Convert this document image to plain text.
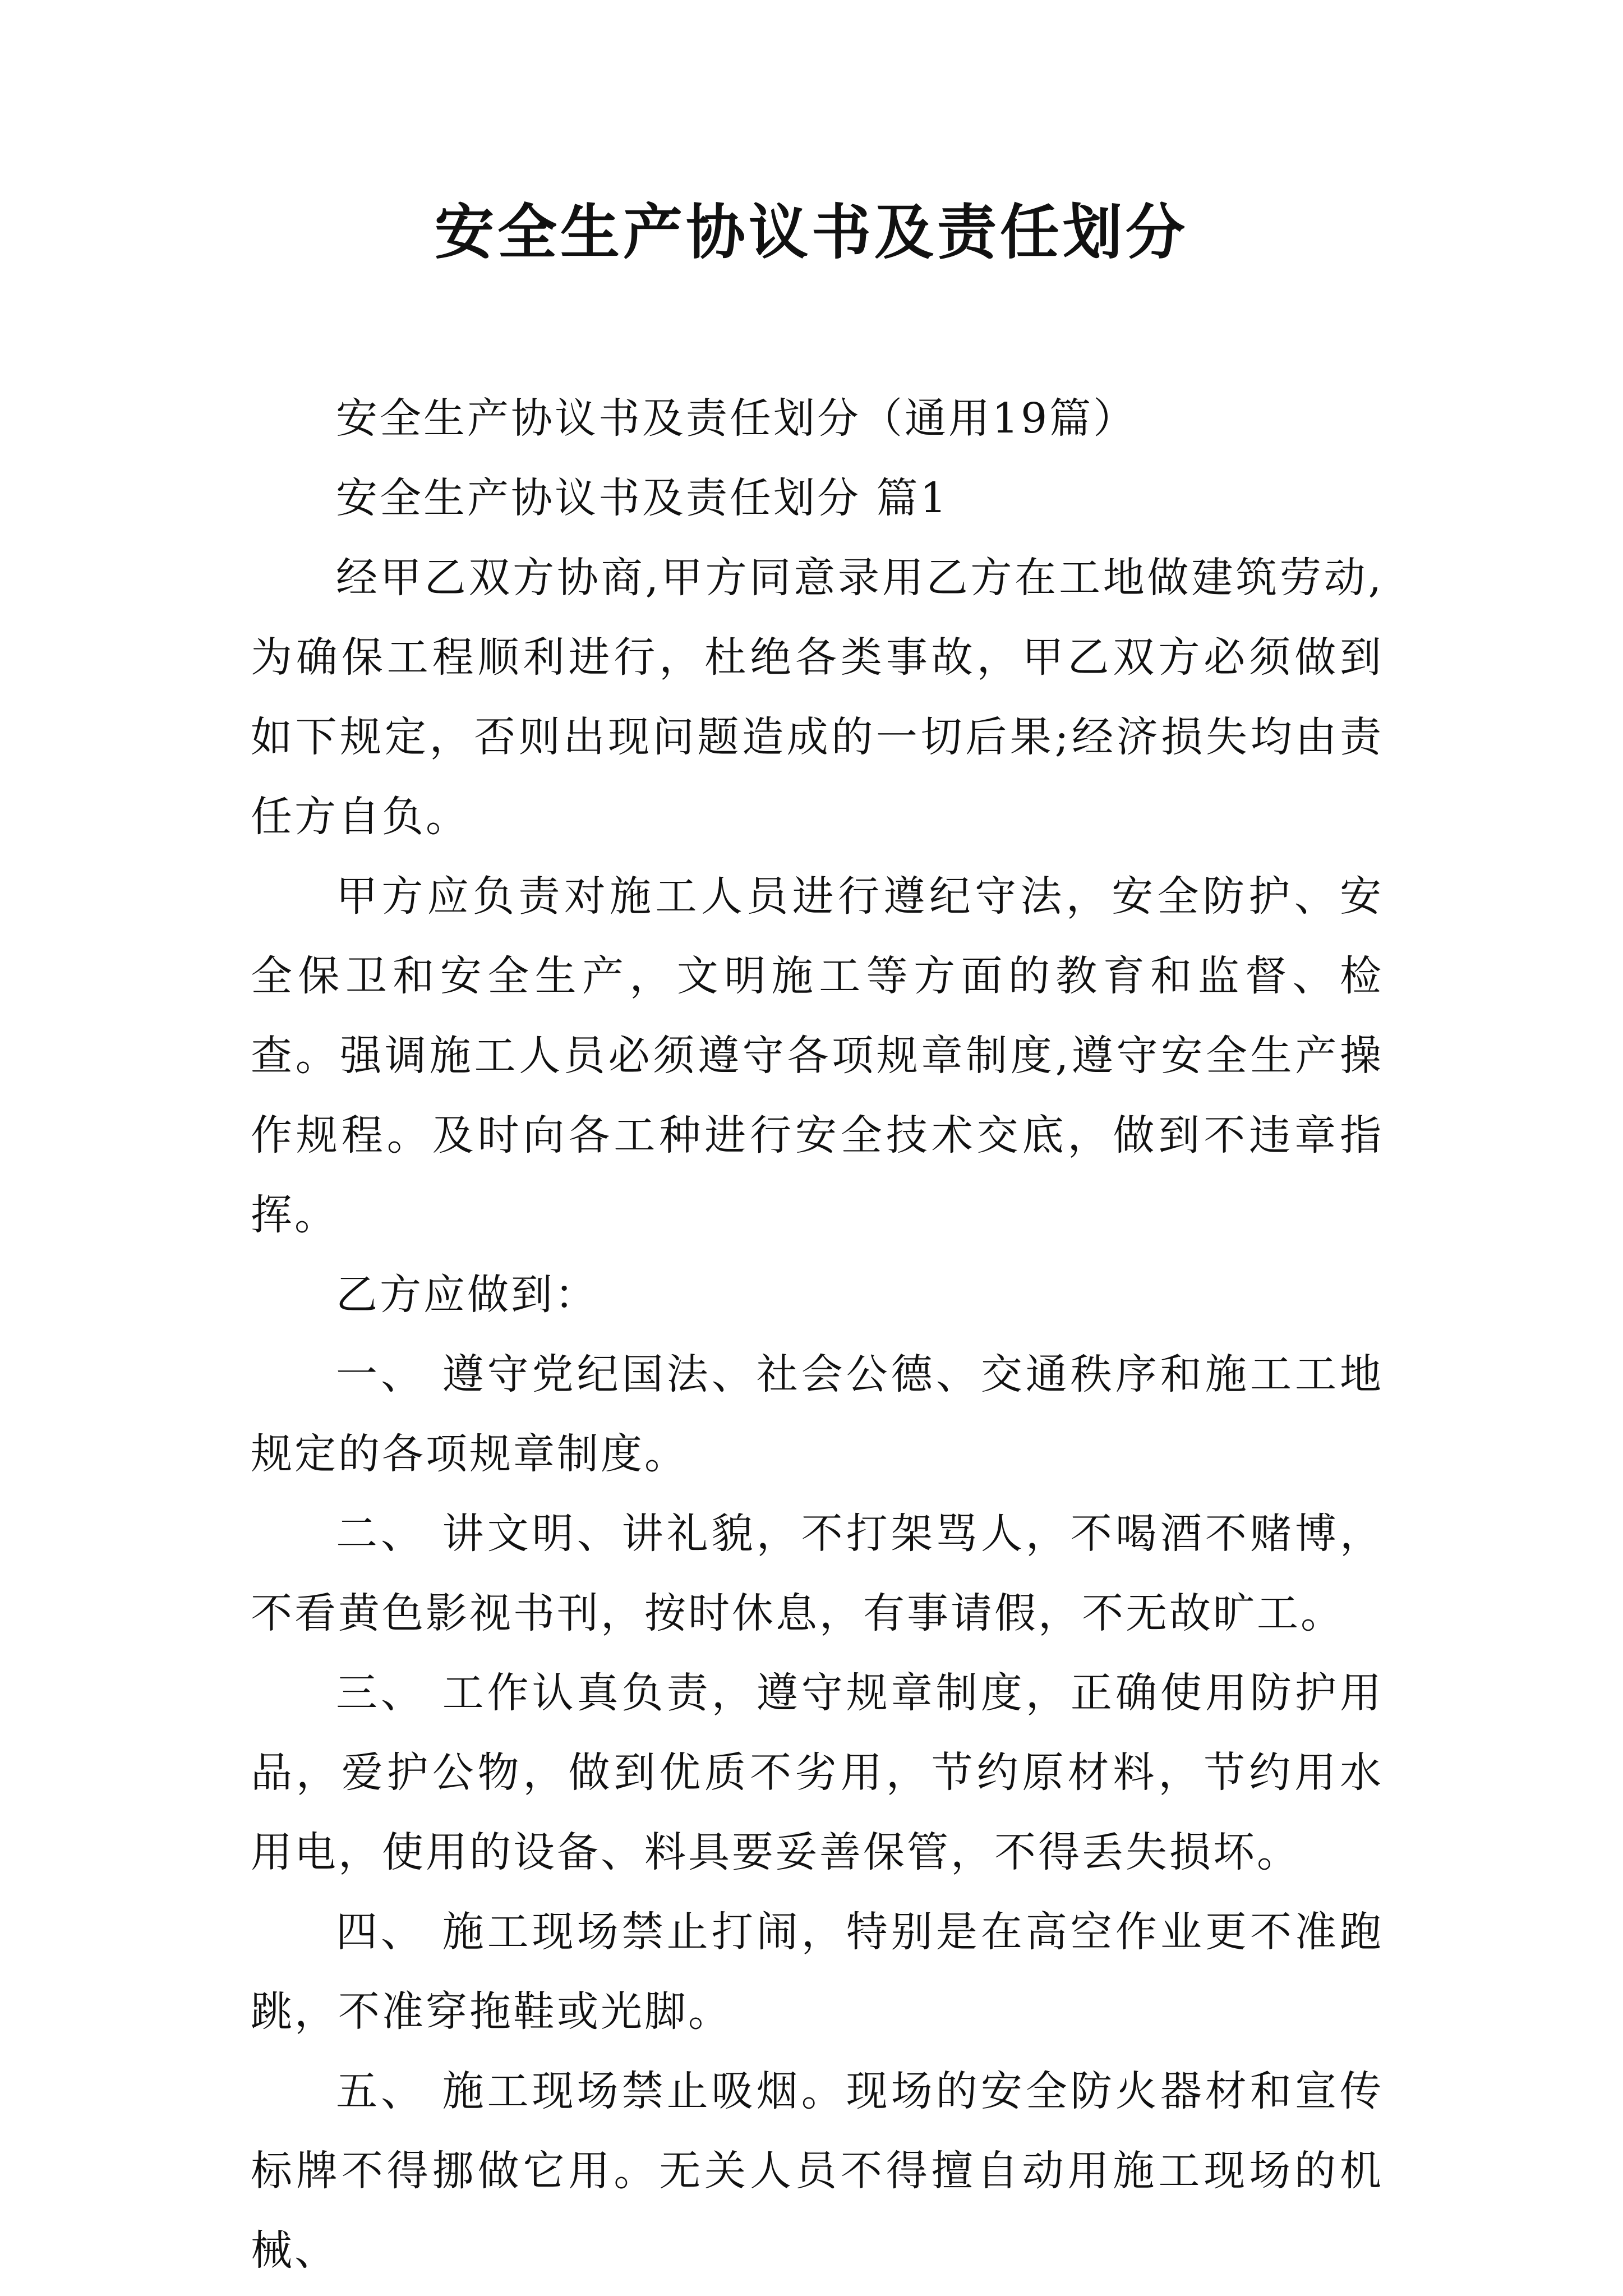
安全生产协议书及责任划分

安全生产协议书及责任划分（通用19篇）

安全生产协议书及责任划分 篇1

经甲乙双方协商,甲方同意录用乙方在工地做建筑劳动,为确保工程顺利进行，杜绝各类事故，甲乙双方必须做到如下规定，否则出现问题造成的一切后果;经济损失均由责任方自负。

甲方应负责对施工人员进行遵纪守法，安全防护、安全保卫和安全生产，文明施工等方面的教育和监督、检查。强调施工人员必须遵守各项规章制度,遵守安全生产操作规程。及时向各工种进行安全技术交底，做到不违章指挥。

乙方应做到：

一、 遵守党纪国法、社会公德、交通秩序和施工工地规定的各项规章制度。

二、 讲文明、讲礼貌，不打架骂人，不喝酒不赌博，不看黄色影视书刊，按时休息，有事请假，不无故旷工。

三、 工作认真负责，遵守规章制度，正确使用防护用品，爱护公物，做到优质不劣用，节约原材料，节约用水用电，使用的设备、料具要妥善保管，不得丢失损坏。

四、 施工现场禁止打闹，特别是在高空作业更不准跑跳，不准穿拖鞋或光脚。

五、 施工现场禁止吸烟。现场的安全防火器材和宣传标牌不得挪做它用。无关人员不得擅自动用施工现场的机械、
